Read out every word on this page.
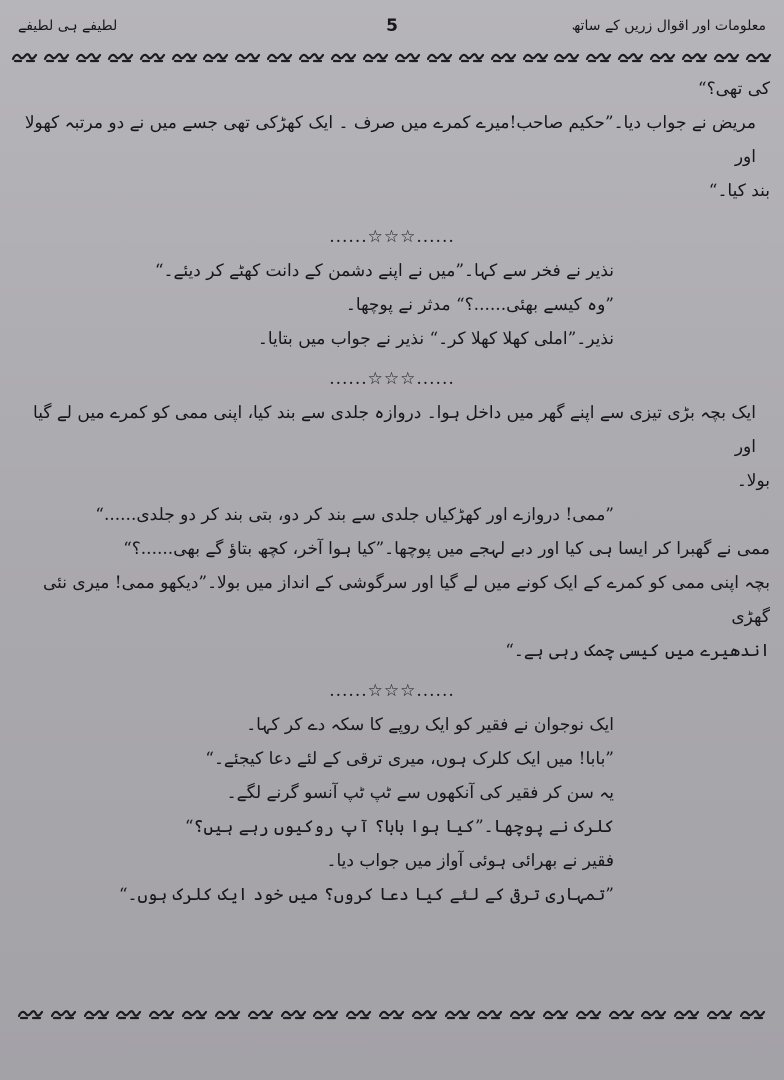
لطیفے ہی لطیفے	5	معلومات اور اقوال زریں کے ساتھ

کی تھی؟“

مریض نے جواب دیا۔”حکیم صاحب!میرے کمرے میں صرف ۔ ایک کھڑکی تھی جسے میں نے دو مرتبہ کھولا اور

بند کیا۔“

......☆☆☆......

نذیر نے فخر سے کہا۔”میں نے اپنے دشمن کے دانت کھٹے کر دیئے۔“

”وہ کیسے بھئی......؟“ مدثر نے پوچھا۔

نذیر۔”املی کھلا کھلا کر۔“ نذیر نے جواب میں بتایا۔

......☆☆☆......

ایک بچہ بڑی تیزی سے اپنے گھر میں داخل ہوا۔ دروازہ جلدی سے بند کیا، اپنی ممی کو کمرے میں لے گیا اور

بولا۔

”ممی! دروازے اور کھڑکیاں جلدی سے بند کر دو، بتی بند کر دو جلدی......“

ممی نے گھبرا کر ایسا ہی کیا اور دبے لہجے میں پوچھا۔”کیا ہوا آخر، کچھ بتاؤ گے بھی......؟“

بچہ اپنی ممی کو کمرے کے ایک کونے میں لے گیا اور سرگوشی کے انداز میں بولا۔”دیکھو ممی! میری نئی گھڑی

اندھیرے میں کیسی چمک رہی ہے۔“

......☆☆☆......

ایک نوجوان نے فقیر کو ایک روپے کا سکہ دے کر کہا۔

”بابا! میں ایک کلرک ہوں، میری ترقی کے لئے دعا کیجئے۔“

یہ سن کر فقیر کی آنکھوں سے ٹپ ٹپ آنسو گرنے لگے۔

کلرک نے پوچھا۔”کیا ہوا بابا؟ آپ روکیوں رہے ہیں؟“

فقیر نے بھرائی ہوئی آواز میں جواب دیا۔

”تمہاری ترقی کے لئے کیا دعا کروں؟ میں خود ایک کلرک ہوں۔“
